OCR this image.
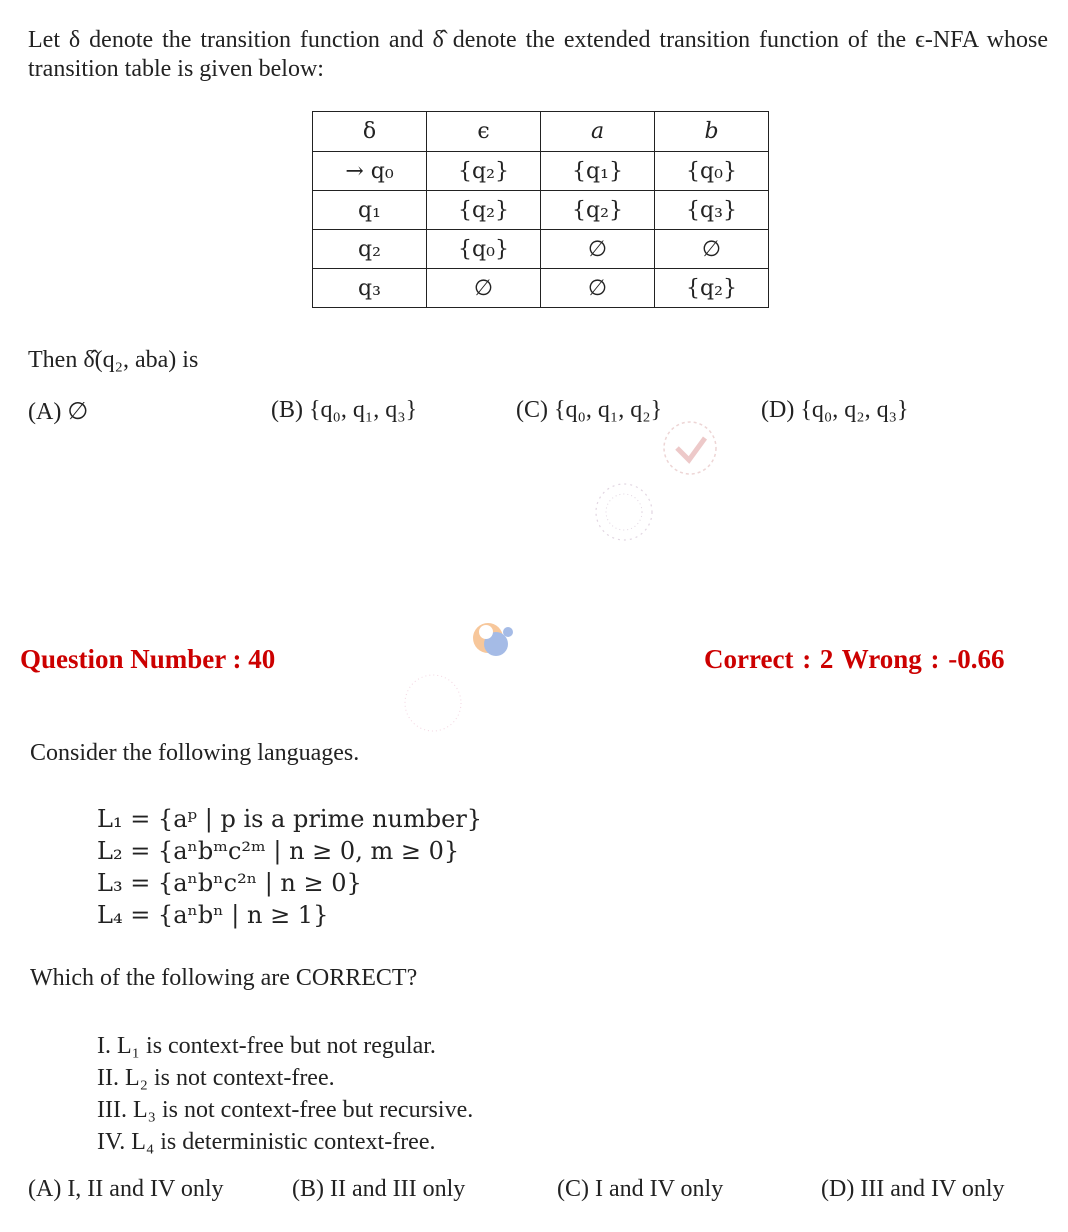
Let δ denote the transition function and δ̂ denote the extended transition function of the ϵ-NFA whose transition table is given below:
δ	ϵ	a	b
→ q₀	{q₂}	{q₁}	{q₀}
q₁	{q₂}	{q₂}	{q₃}
q₂	{q₀}	∅	∅
q₃	∅	∅	{q₂}
Then δ̂(q₂, aba) is
(A) ∅	(B) {q₀, q₁, q₃}	(C) {q₀, q₁, q₂}	(D) {q₀, q₂, q₃}
Question Number : 40	Correct : 2 Wrong : -0.66
Consider the following languages.
L₁ = {aᵖ | p is a prime number}
L₂ = {aⁿbᵐc²ᵐ | n ≥ 0, m ≥ 0}
L₃ = {aⁿbⁿc²ⁿ | n ≥ 0}
L₄ = {aⁿbⁿ | n ≥ 1}
Which of the following are CORRECT?
I. L₁ is context-free but not regular.
II. L₂ is not context-free.
III. L₃ is not context-free but recursive.
IV. L₄ is deterministic context-free.
(A) I, II and IV only	(B) II and III only	(C) I and IV only	(D) III and IV only
